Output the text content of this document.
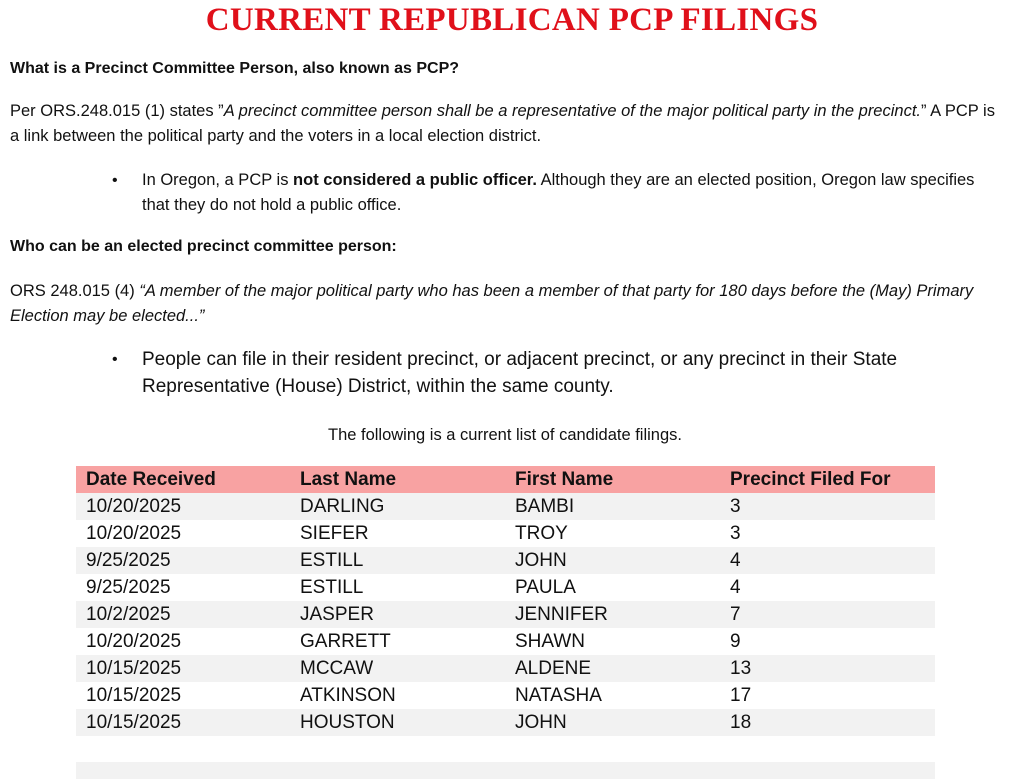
CURRENT REPUBLICAN PCP FILINGS
What is a Precinct Committee Person, also known as PCP?
Per ORS.248.015 (1) states ”A precinct committee person shall be a representative of the major political party in the precinct.” A PCP is a link between the political party and the voters in a local election district.
•	In Oregon, a PCP is not considered a public officer. Although they are an elected position, Oregon law specifies that they do not hold a public office.
Who can be an elected precinct committee person:
ORS 248.015 (4) “A member of the major political party who has been a member of that party for 180 days before the (May) Primary Election may be elected...”
•	People can file in their resident precinct, or adjacent precinct, or any precinct in their State Representative (House) District, within the same county.
The following is a current list of candidate filings.
Date Received	Last Name	First Name	Precinct Filed For
10/20/2025	DARLING	BAMBI	3
10/20/2025	SIEFER	TROY	3
9/25/2025	ESTILL	JOHN	4
9/25/2025	ESTILL	PAULA	4
10/2/2025	JASPER	JENNIFER	7
10/20/2025	GARRETT	SHAWN	9
10/15/2025	MCCAW	ALDENE	13
10/15/2025	ATKINSON	NATASHA	17
10/15/2025	HOUSTON	JOHN	18
